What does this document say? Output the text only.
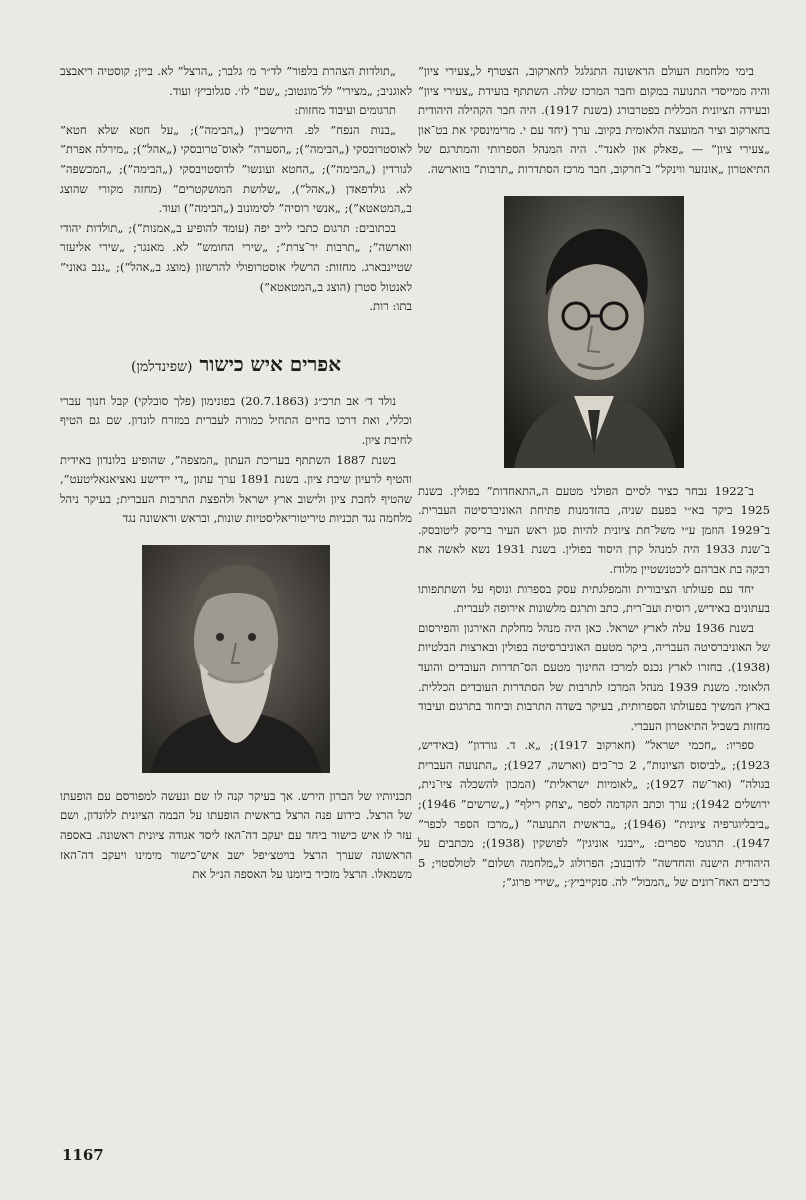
בימי מלחמת העולם הראשונה התגלגל לחארקוב, הצטרף ל„צעירי ציון” והיה ממייסדי התנועה במקום וחבר המרכז שלה. השתתף בועידת „צעירי ציון” ובעידה הציונית הכללית בפטרבורג (בשנת 1917). היה חבר הקהילה היהודית בחארקוב וציר המועצה הלאומית בקיוב. ערך (יחד עם י. מרימינסקי את בט־און „צעירי ציון” — „פאלק און לאנד”. היה המנהל הספרותי והמתרגם של התיאטרון „אונזער ווינקל” ב־חרקוב, חבר מרכז הסתדרות „תרבות” בווארשה.

ב־1922 נבחר כציר לסיים הפולני מטעם ה„התאחדות” בפולין. בשנת 1925 ביקר בא״י בפעם שניה, בהזדמנות פתיחת האוניברסיטה העברית. ב־1929 הוזמן ע״י משל־חת ציונית להיות סגן ראש העיר בריסק ליטובסק. ב־שנת 1933 היה למנהל קרן היסוד בפולין. בשנת 1931 נשא לאשה את רבקה בת אברהם ליכטנשטיין מלודז.

יחד עם פעולתו הציבורית והמפלגתית עסק בספרות ונוסף על השתתפותו בעתונים באידיש, רוסית ועב־רית, כתב ותרגם מלשונות אירופה לעברית.

בשנת 1936 עלה לארץ ישראל. כאן היה מנהל מחלקת האירגון והפירסום של האוניברסיטה העבריה, ביקר מטעם האוניברסיטה בפולין ובארצות הבלטיות (1938). בחזרו לארץ נכנס למרכז החינוך מטעם הס־תדרות העובדים והועד הלאומי. משנת 1939 מנהל המרכז לתרבות של הסתדרות העובדים הכללית. בארץ המשיך בפעולתו הספרותית, בעיקר בשדה התרבות וביחוד בתרגום ועיבוד מחזות בשביל התיאטרון העברי.

ספריו: „חכמי ישראל” (חארקוב 1917); „א. ד. גורדון” (באידיש, 1923); „לביסוס הציונות”, 2 כר־כים (וארשה, 1927); „התנועה העברית בגולה” (ואר־שה 1927); „לאומיות ישראלית” (המכון להשכלה ציו־נית, ירושלים 1942); ערך וכתב הקדמה לספר „יצחק רילף” („שרשים” 1946); „ביבליוגרפיה ציונית” (1946); „בראשית התנועה” („מרכז הספר לכפר” 1947). תרגומי ספרים: „ייבגני אוניגין” לפושקין (1938); מכתבים על היהודית הישנה והחדשה” לדובנוב; הפרולוג ל„מלחמה ושלום” לטולסטוי; 5 כרכים האח־רונים של „המבול” לה. סנקייביץ׳; „שירי פרוג”;

„תולדות הצהרת בלפור” לד״ר מ׳ גלבר; „הרצל” לא. ביין; קוסטיה ריאבצב לאוגניב; „מצירי” לל־מונטוב; „שם” לז׳. סגלוביץ׳ ועוד.

תרגומים ועיבוד מחזות:

„בנות הנפח” לפ. הירשביין („הבימה”); „על חטא שלא חטא” לאוסטרובסקי („הבימה”); „הסערה” לאוס־טרובסקי („אהל”); „מירלה אפרת” לגורדין („הבימה”); „החטא ועונשו” לדוסטויבסקי („הבימה”); „המכשפה” לא. גולדפאדן („אהל”), „שלושת המושקטרים” (מחזה מקורי שהוצג ב„המטאטא”); „אנשי רוסיה” לסימונוב („הבימה”) ועוד.

בכתובים: תרגום כתבי לייב יפה (עומד להופיע ב„אמנות”); „תולדות יהודי ווארשה”; „תרבות יר־צרת”; „שירי החומש” לא. מאנגר; „שירי אליעזר שטיינבארג. מחזות: הרשלי אוסטרופולי להרשזון (מוצג ב„אהל”); „גנב גאוני” לאנטול סטרן (הוצג ב„המטאטא”)

בתו: רות.

אפרים איש כישור (שפינדלמן)

נולד ד׳ אב תרכ״ג (20.7.1863) בפונימון (פלך סובלקי) קבל חנוך עברי וכללי, ואת דרכו בחיים התחיל כמורה לעברית במזרח לונדון. שם גם הטיף לחיבת ציון.

בשנת 1887 השתתף בעריכת העתון „המצפה”, שהופיע בלונדון באידית והטיף לרעיון שיבת ציון. בשנת 1891 ערך עתון „די יידישע נאציאנאליטעט”, שהטיף לחבת ציון ולישוב ארץ ישראל ולהפצת התרבות העברית; בעיקר ניהל מלחמה נגד תכניות טיריטוריאליסטיות שונות, ובראש וראשונה נגד

תכניותיו של הברון הירש. אך בעיקר קנה לו שם ונעשה למפורסם עם הופעתו של הרצל. כידוע פנה הרצל בראשית הופעתו על הבמה הציונית ללונדון, ושם עזר לו איש כישור ביחד עם יעקב דה־האז ליסד אגודה ציונית ראשונה. באספה הראשונה שערך הרצל בויטצ׳יפל ישב איש־כישור מימינו ויעקב דה־האז משמאלו. הרצל מזכיר ביומנו על האספה הנ״ל את

1167
